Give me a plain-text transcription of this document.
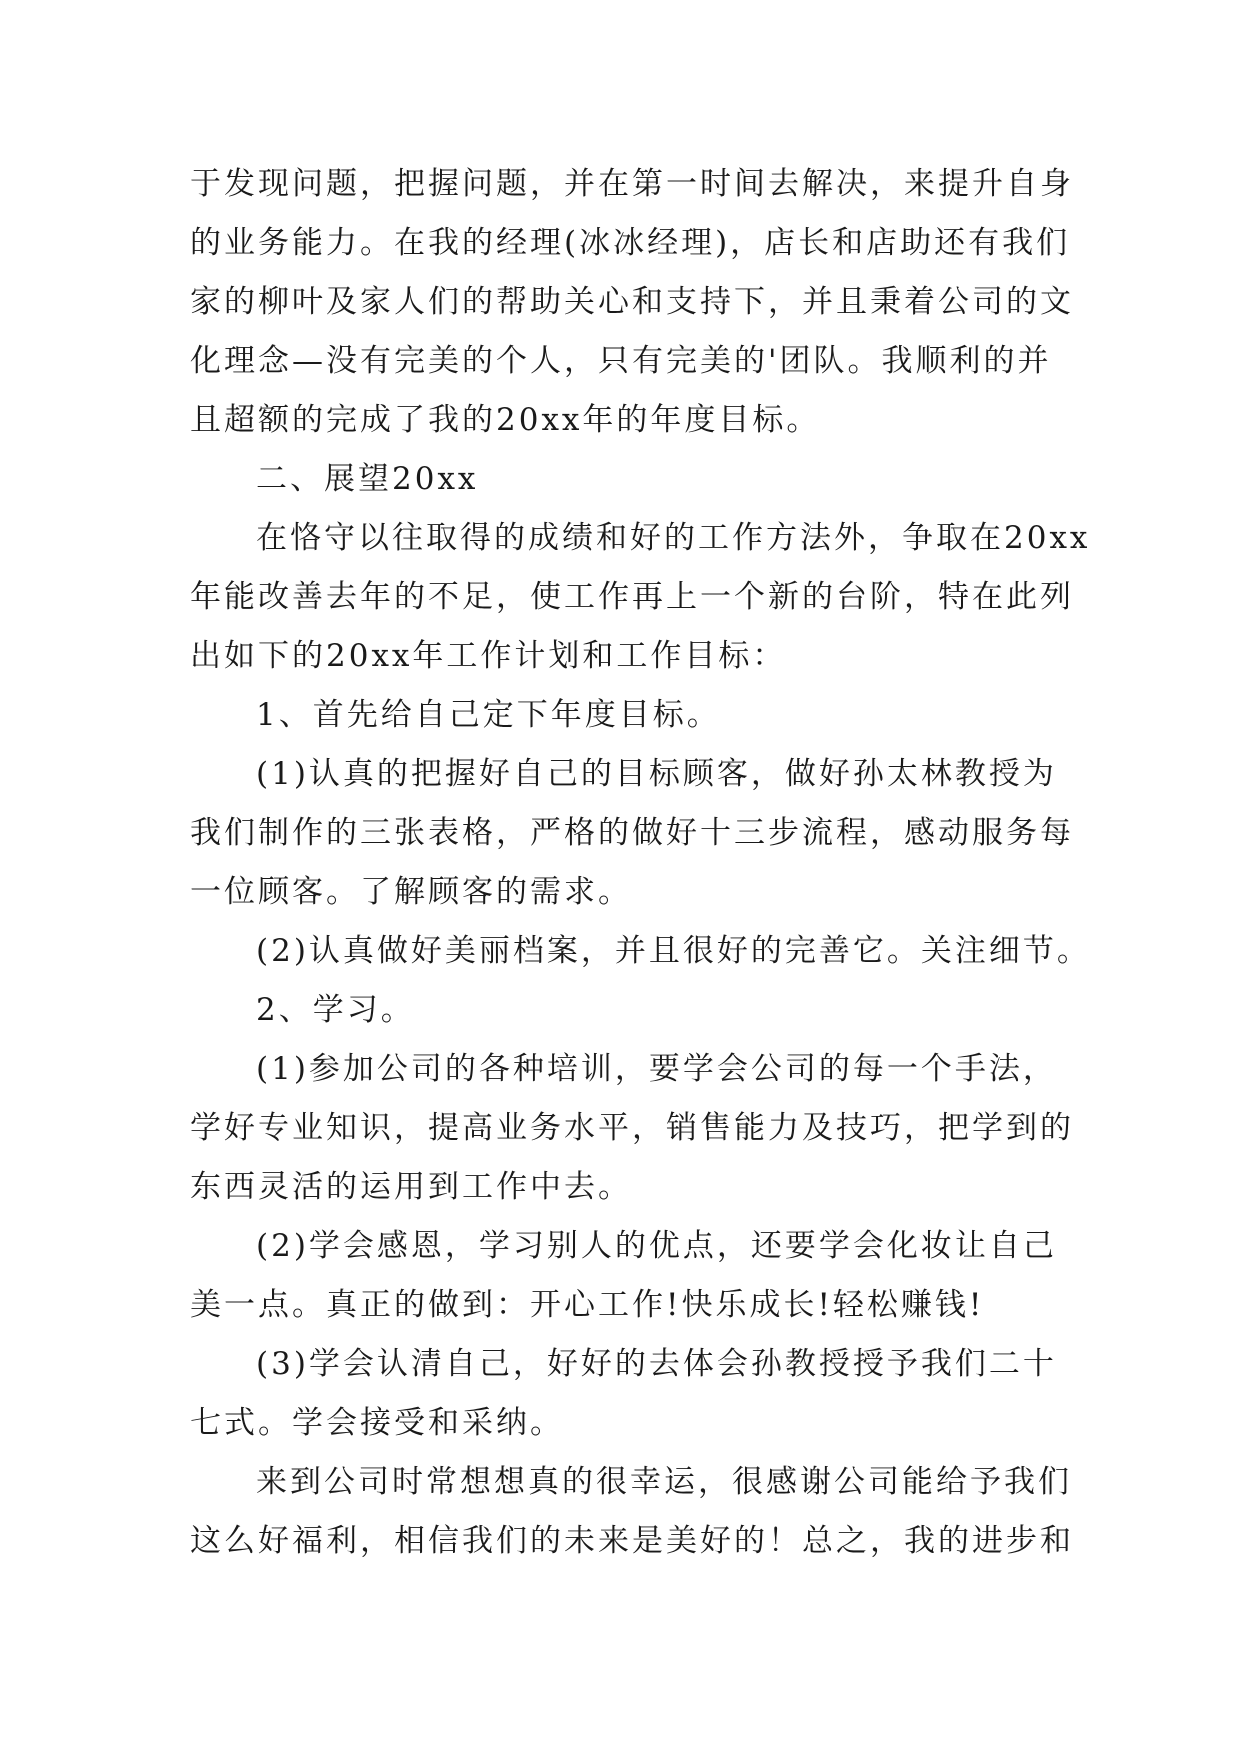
于发现问题，把握问题，并在第一时间去解决，来提升自身
的业务能力。在我的经理(冰冰经理)，店长和店助还有我们
家的柳叶及家人们的帮助关心和支持下，并且秉着公司的文
化理念—没有完美的个人，只有完美的'团队。我顺利的并
且超额的完成了我的20xx年的年度目标。
二、展望20xx
在恪守以往取得的成绩和好的工作方法外，争取在20xx
年能改善去年的不足，使工作再上一个新的台阶，特在此列
出如下的20xx年工作计划和工作目标：
1、首先给自己定下年度目标。
(1)认真的把握好自己的目标顾客，做好孙太林教授为
我们制作的三张表格，严格的做好十三步流程，感动服务每
一位顾客。了解顾客的需求。
(2)认真做好美丽档案，并且很好的完善它。关注细节。
2、学习。
(1)参加公司的各种培训，要学会公司的每一个手法，
学好专业知识，提高业务水平，销售能力及技巧，把学到的
东西灵活的运用到工作中去。
(2)学会感恩，学习别人的优点，还要学会化妆让自己
美一点。真正的做到：开心工作!快乐成长!轻松赚钱!
(3)学会认清自己，好好的去体会孙教授授予我们二十
七式。学会接受和采纳。
来到公司时常想想真的很幸运，很感谢公司能给予我们
这么好福利，相信我们的未来是美好的！总之，我的进步和
